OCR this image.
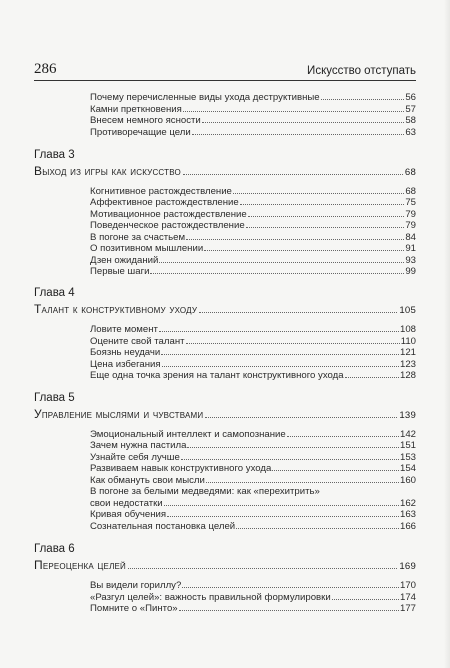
286	Искусство отступать
Почему перечисленные виды ухода деструктивные	56
Камни преткновения	57
Внесем немного ясности	58
Противоречащие цели	63
Глава 3
Выход из игры как искусство	68
Когнитивное растождествление	68
Аффективное растождествление	75
Мотивационное растождествление	79
Поведенческое растождествление	79
В погоне за счастьем	84
О позитивном мышлении	91
Дзен ожиданий	93
Первые шаги	99
Глава 4
Талант к конструктивному уходу	105
Ловите момент	108
Оцените свой талант	110
Боязнь неудачи	121
Цена избегания	123
Еще одна точка зрения на талант конструктивного ухода	128
Глава 5
Управление мыслями и чувствами	139
Эмоциональный интеллект и самопознание	142
Зачем нужна пастила	151
Узнайте себя лучше	153
Развиваем навык конструктивного ухода	154
Как обмануть свои мысли	160
В погоне за белыми медведями: как «перехитрить»
свои недостатки	162
Кривая обучения	163
Сознательная постановка целей	166
Глава 6
Переоценка целей	169
Вы видели гориллу?	170
«Разгул целей»: важность правильной формулировки	174
Помните о «Пинто»	177
